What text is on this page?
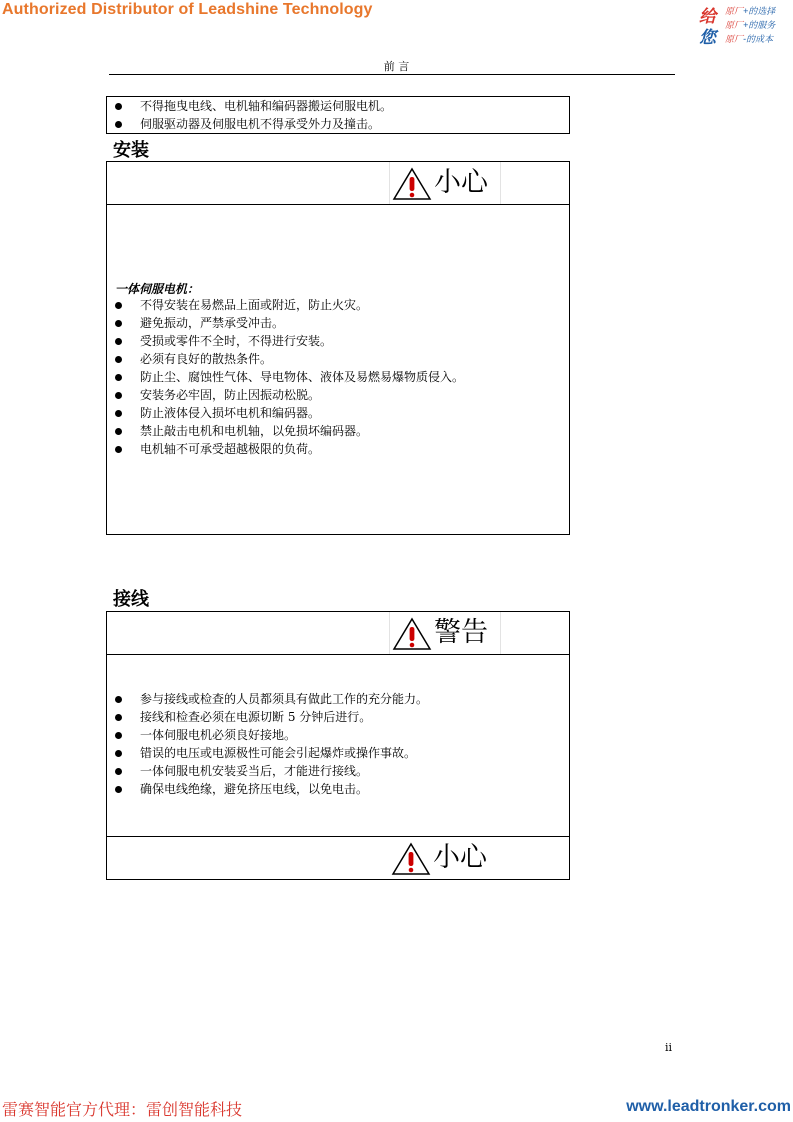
Authorized Distributor of Leadshine Technology	给
您
原厂+的选择
原厂+的服务
原厂-的成本
前 言
不得拖曳电线、电机轴和编码器搬运伺服电机。
伺服驱动器及伺服电机不得承受外力及撞击。
安装
小心
一体伺服电机：
不得安装在易燃品上面或附近，防止火灾。
避免振动，严禁承受冲击。
受损或零件不全时，不得进行安装。
必须有良好的散热条件。
防止尘、腐蚀性气体、导电物体、液体及易燃易爆物质侵入。
安装务必牢固，防止因振动松脱。
防止液体侵入损坏电机和编码器。
禁止敲击电机和电机轴，以免损坏编码器。
电机轴不可承受超越极限的负荷。
接线
警告
参与接线或检查的人员都须具有做此工作的充分能力。
接线和检查必须在电源切断 5 分钟后进行。
一体伺服电机必须良好接地。
错误的电压或电源极性可能会引起爆炸或操作事故。
一体伺服电机安装妥当后，才能进行接线。
确保电线绝缘，避免挤压电线，以免电击。
小心
ii
雷赛智能官方代理：雷创智能科技	www.leadtronker.com
